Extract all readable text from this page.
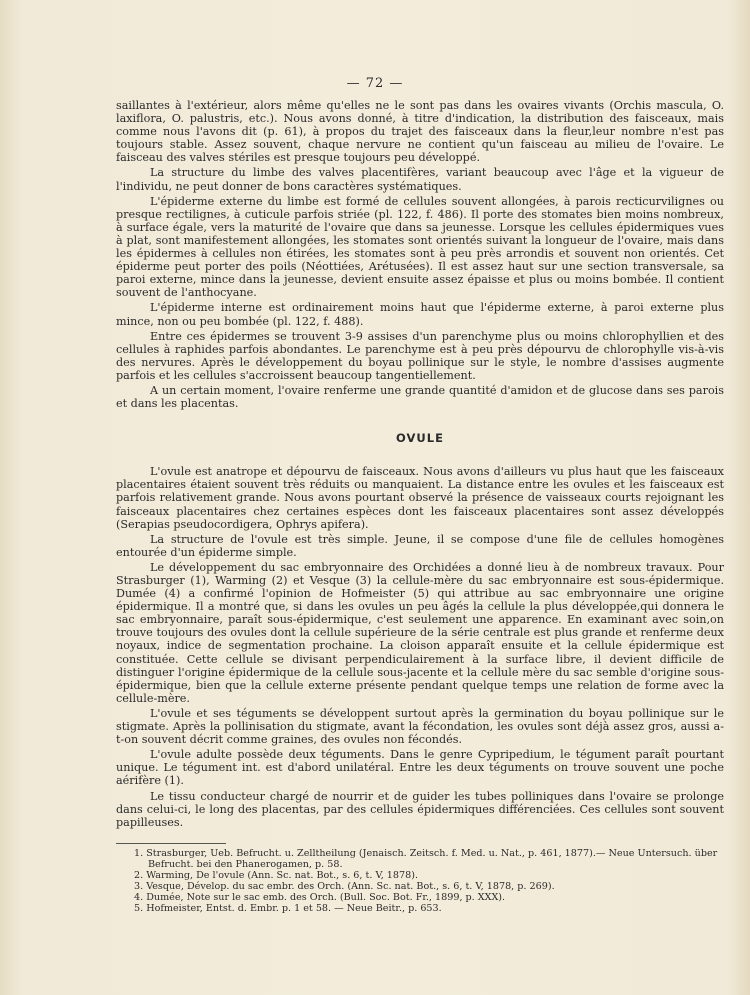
— 72 —

saillantes à l'extérieur, alors même qu'elles ne le sont pas dans les ovaires vivants (Orchis mascula, O. laxiflora, O. palustris, etc.). Nous avons donné, à titre d'indication, la distribution des faisceaux, mais comme nous l'avons dit (p. 61), à propos du trajet des faisceaux dans la fleur,leur nombre n'est pas toujours stable. Assez souvent, chaque nervure ne contient qu'un faisceau au milieu de l'ovaire. Le faisceau des valves stériles est presque toujours peu développé.

La structure du limbe des valves placentifères, variant beaucoup avec l'âge et la vigueur de l'individu, ne peut donner de bons caractères systématiques.

L'épiderme externe du limbe est formé de cellules souvent allongées, à parois recticurvilignes ou presque rectilignes, à cuticule parfois striée (pl. 122, f. 486). Il porte des stomates bien moins nombreux, à surface égale, vers la maturité de l'ovaire que dans sa jeunesse. Lorsque les cellules épidermiques vues à plat, sont manifestement allongées, les stomates sont orientés suivant la longueur de l'ovaire, mais dans les épidermes à cellules non étirées, les stomates sont à peu près arrondis et souvent non orientés. Cet épiderme peut porter des poils (Néottiées, Arétusées). Il est assez haut sur une section transversale, sa paroi externe, mince dans la jeunesse, devient ensuite assez épaisse et plus ou moins bombée. Il contient souvent de l'anthocyane.

L'épiderme interne est ordinairement moins haut que l'épiderme externe, à paroi externe plus mince, non ou peu bombée (pl. 122, f. 488).

Entre ces épidermes se trouvent 3-9 assises d'un parenchyme plus ou moins chlorophyllien et des cellules à raphides parfois abondantes. Le parenchyme est à peu près dépourvu de chlorophylle vis-à-vis des nervures. Après le développement du boyau pollinique sur le style, le nombre d'assises augmente parfois et les cellules s'accroissent beaucoup tangentiellement.

A un certain moment, l'ovaire renferme une grande quantité d'amidon et de glucose dans ses parois et dans les placentas.

OVULE

L'ovule est anatrope et dépourvu de faisceaux. Nous avons d'ailleurs vu plus haut que les faisceaux placentaires étaient souvent très réduits ou manquaient. La distance entre les ovules et les faisceaux est parfois relativement grande. Nous avons pourtant observé la présence de vaisseaux courts rejoignant les faisceaux placentaires chez certaines espèces dont les faisceaux placentaires sont assez développés (Serapias pseudocordigera, Ophrys apifera).

La structure de l'ovule est très simple. Jeune, il se compose d'une file de cellules homogènes entourée d'un épiderme simple.

Le développement du sac embryonnaire des Orchidées a donné lieu à de nombreux travaux. Pour Strasburger (1), Warming (2) et Vesque (3) la cellule-mère du sac embryonnaire est sous-épidermique. Dumée (4) a confirmé l'opinion de Hofmeister (5) qui attribue au sac embryonnaire une origine épidermique. Il a montré que, si dans les ovules un peu âgés la cellule la plus développée,qui donnera le sac embryonnaire, paraît sous-épidermique, c'est seulement une apparence. En examinant avec soin,on trouve toujours des ovules dont la cellule supérieure de la série centrale est plus grande et renferme deux noyaux, indice de segmentation prochaine. La cloison apparaît ensuite et la cellule épidermique est constituée. Cette cellule se divisant perpendiculairement à la surface libre, il devient difficile de distinguer l'origine épidermique de la cellule sous-jacente et la cellule mère du sac semble d'origine sous-épidermique, bien que la cellule externe présente pendant quelque temps une relation de forme avec la cellule-mère.

L'ovule et ses téguments se développent surtout après la germination du boyau pollinique sur le stigmate. Après la pollinisation du stigmate, avant la fécondation, les ovules sont déjà assez gros, aussi a-t-on souvent décrit comme graines, des ovules non fécondés.

L'ovule adulte possède deux téguments. Dans le genre Cypripedium, le tégument paraît pourtant unique. Le tégument int. est d'abord unilatéral. Entre les deux téguments on trouve souvent une poche aérifère (1).

Le tissu conducteur chargé de nourrir et de guider les tubes polliniques dans l'ovaire se prolonge dans celui-ci, le long des placentas, par des cellules épidermiques différenciées. Ces cellules sont souvent papilleuses.

1. Strasburger, Ueb. Befrucht. u. Zelltheilung (Jenaisch. Zeitsch. f. Med. u. Nat., p. 461, 1877).— Neue Untersuch. über Befrucht. bei den Phanerogamen, p. 58.
2. Warming, De l'ovule (Ann. Sc. nat. Bot., s. 6, t. V, 1878).
3. Vesque, Dévelop. du sac embr. des Orch. (Ann. Sc. nat. Bot., s. 6, t. V, 1878, p. 269).
4. Dumée, Note sur le sac emb. des Orch. (Bull. Soc. Bot. Fr., 1899, p. XXX).
5. Hofmeister, Entst. d. Embr. p. 1 et 58. — Neue Beitr., p. 653.
